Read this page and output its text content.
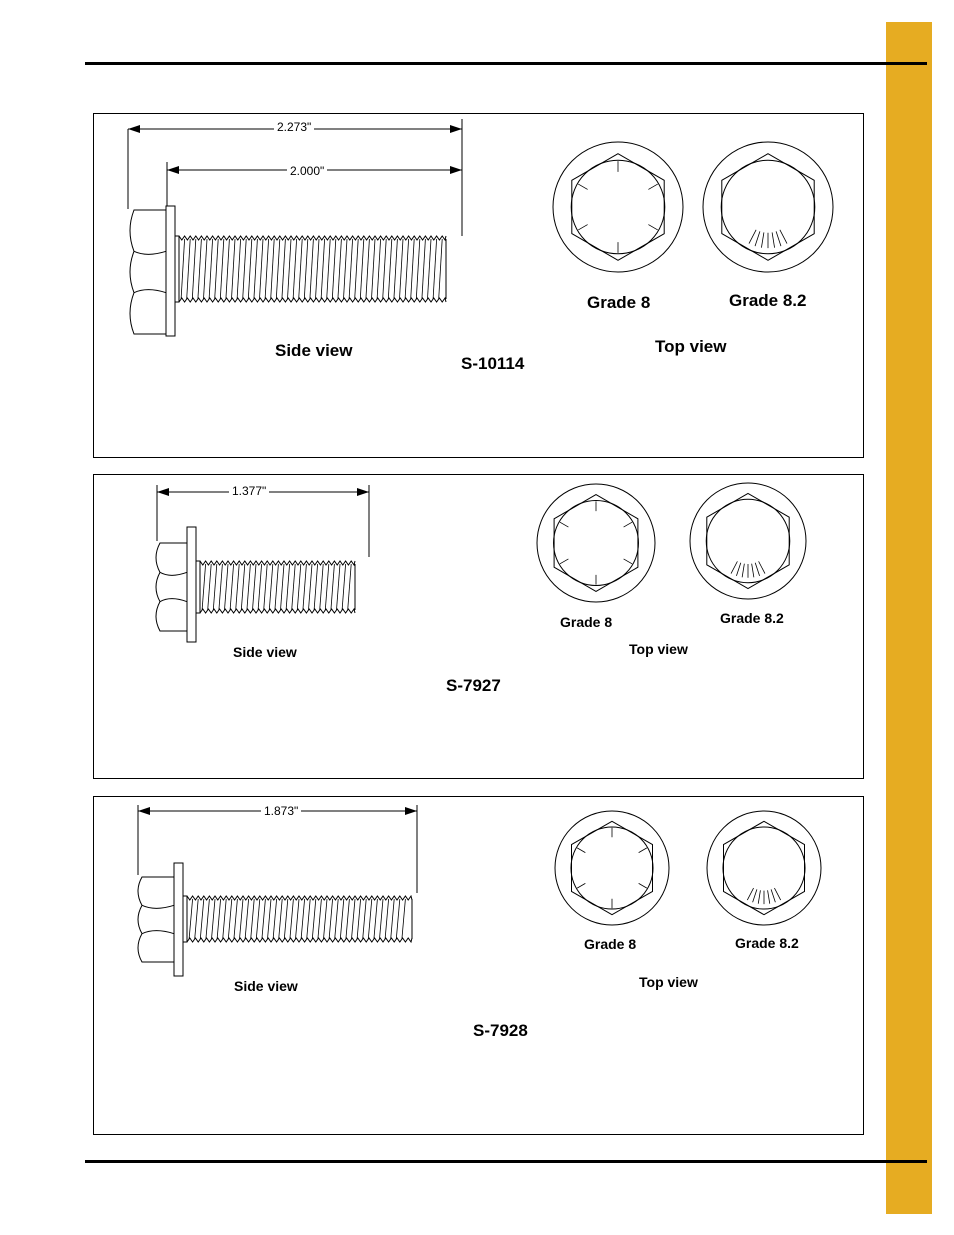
2.273"
2.000"
Grade 8	Grade 8.2
Side view	Top view
S-10114
1.377"
Grade 8	Grade 8.2
Top view
Side view
S-7927
1.873"
Grade 8	Grade 8.2
Top view
Side view
S-7928
